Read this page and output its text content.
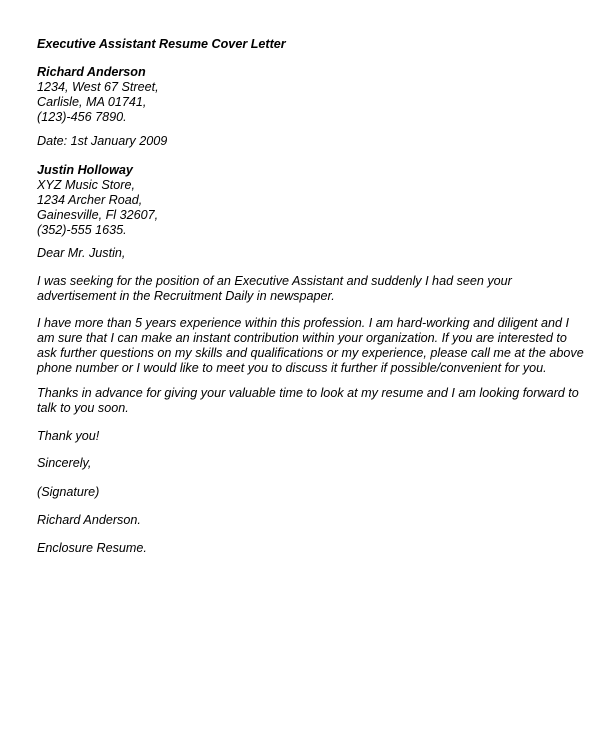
Executive Assistant Resume Cover Letter
Richard Anderson
1234, West 67 Street,
Carlisle, MA 01741,
(123)-456 7890.
Date: 1st January 2009
Justin Holloway
XYZ Music Store,
1234 Archer Road,
Gainesville, Fl 32607,
(352)-555 1635.
Dear Mr. Justin,
I was seeking for the position of an Executive Assistant and suddenly I had seen your
advertisement in the Recruitment Daily in newspaper.
I have more than 5 years experience within this profession. I am hard-working and diligent and I
am sure that I can make an instant contribution within your organization. If you are interested to
ask further questions on my skills and qualifications or my experience, please call me at the above
phone number or I would like to meet you to discuss it further if possible/convenient for you.
Thanks in advance for giving your valuable time to look at my resume and I am looking forward to
talk to you soon.
Thank you!
Sincerely,
(Signature)
Richard Anderson.
Enclosure Resume.
